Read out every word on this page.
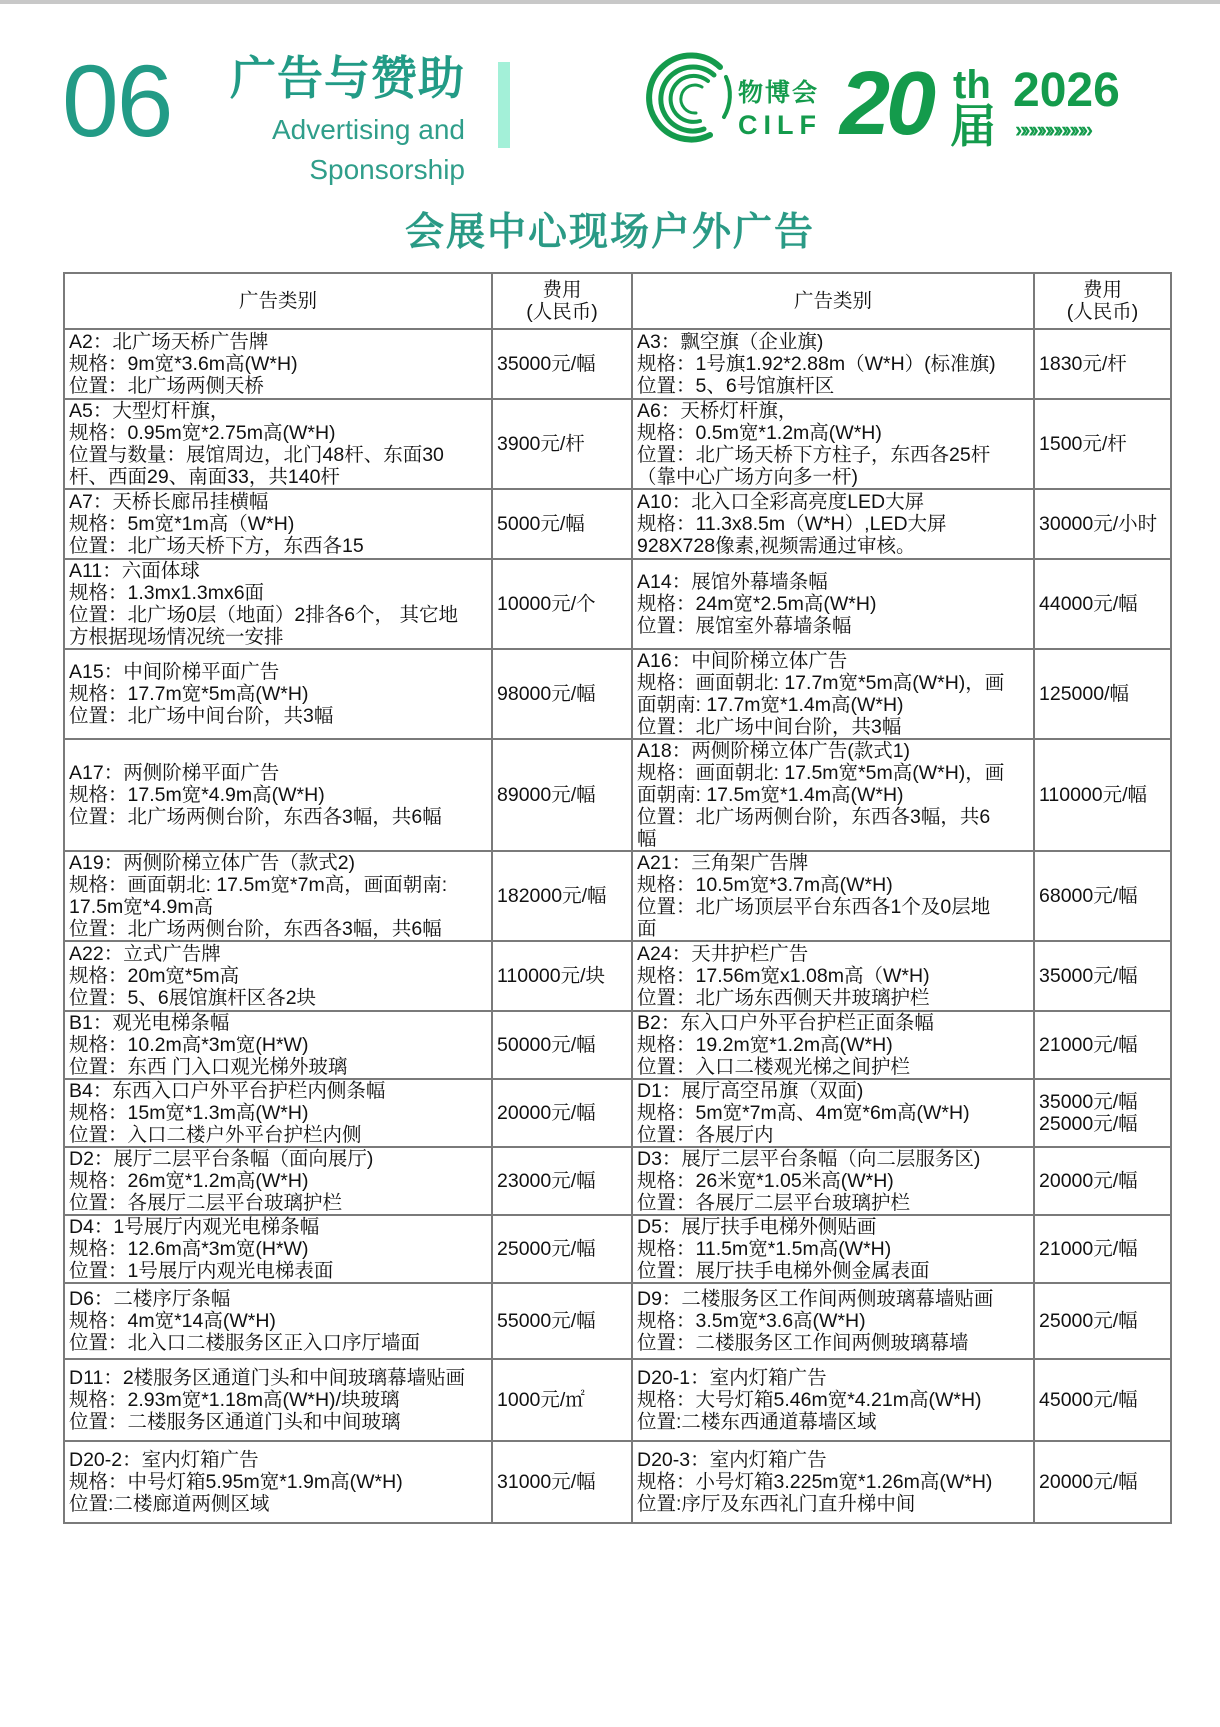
06 广告与赞助
Advertising and
Sponsorship
物博会
CILF 20 th
届
2026
»»»»»»»»»
会展中心现场户外广告
广告类别	费用
(人民币)	广告类别	费用
(人民币)

A2：北广场天桥广告牌
规格：9m宽*3.6m高(W*H)
位置：北广场两侧天桥	35000元/幅	A3：飘空旗（企业旗)
规格：1号旗1.92*2.88m（W*H）(标准旗)
位置：5、6号馆旗杆区	1830元/杆

A5：大型灯杆旗，
规格：0.95m宽*2.75m高(W*H)
位置与数量：展馆周边，北门48杆、东面30
杆、西面29、南面33，共140杆	3900元/杆	A6：天桥灯杆旗，
规格：0.5m宽*1.2m高(W*H)
位置：北广场天桥下方柱子，东西各25杆
（靠中心广场方向多一杆)	1500元/杆

A7：天桥长廊吊挂横幅
规格：5m宽*1m高（W*H)
位置：北广场天桥下方，东西各15	5000元/幅	A10：北入口全彩高亮度LED大屏
规格：11.3x8.5m（W*H）,LED大屏
928X728像素,视频需通过审核。	30000元/小时

A11：六面体球
规格：1.3mx1.3mx6面
位置：北广场0层（地面）2排各6个， 其它地
方根据现场情况统一安排	10000元/个	A14：展馆外幕墙条幅
规格：24m宽*2.5m高(W*H)
位置：展馆室外幕墙条幅	44000元/幅

A15：中间阶梯平面广告
规格：17.7m宽*5m高(W*H)
位置：北广场中间台阶，共3幅	98000元/幅	A16：中间阶梯立体广告
规格：画面朝北: 17.7m宽*5m高(W*H)，画
面朝南: 17.7m宽*1.4m高(W*H)
位置：北广场中间台阶，共3幅	125000/幅

A17：两侧阶梯平面广告
规格：17.5m宽*4.9m高(W*H)
位置：北广场两侧台阶，东西各3幅，共6幅	89000元/幅	A18：两侧阶梯立体广告(款式1)
规格：画面朝北: 17.5m宽*5m高(W*H)，画
面朝南: 17.5m宽*1.4m高(W*H)
位置：北广场两侧台阶，东西各3幅，共6
幅	110000元/幅

A19：两侧阶梯立体广告（款式2)
规格：画面朝北: 17.5m宽*7m高，画面朝南:
17.5m宽*4.9m高
位置：北广场两侧台阶，东西各3幅，共6幅	182000元/幅	A21：三角架广告牌
规格：10.5m宽*3.7m高(W*H)
位置：北广场顶层平台东西各1个及0层地
面	68000元/幅

A22：立式广告牌
规格：20m宽*5m高
位置：5、6展馆旗杆区各2块	110000元/块	A24：天井护栏广告
规格：17.56m宽x1.08m高（W*H)
位置：北广场东西侧天井玻璃护栏	35000元/幅

B1：观光电梯条幅
规格：10.2m高*3m宽(H*W)
位置：东西 门入口观光梯外玻璃	50000元/幅	B2：东入口户外平台护栏正面条幅
规格：19.2m宽*1.2m高(W*H)
位置：入口二楼观光梯之间护栏	21000元/幅

B4：东西入口户外平台护栏内侧条幅
规格：15m宽*1.3m高(W*H)
位置：入口二楼户外平台护栏内侧	20000元/幅	D1：展厅高空吊旗（双面)
规格：5m宽*7m高、4m宽*6m高(W*H)
位置：各展厅内	35000元/幅
25000元/幅

D2：展厅二层平台条幅（面向展厅)
规格：26m宽*1.2m高(W*H)
位置：各展厅二层平台玻璃护栏	23000元/幅	D3：展厅二层平台条幅（向二层服务区)
规格：26米宽*1.05米高(W*H)
位置：各展厅二层平台玻璃护栏	20000元/幅

D4：1号展厅内观光电梯条幅
规格：12.6m高*3m宽(H*W)
位置：1号展厅内观光电梯表面	25000元/幅	D5：展厅扶手电梯外侧贴画
规格：11.5m宽*1.5m高(W*H)
位置：展厅扶手电梯外侧金属表面	21000元/幅

D6：二楼序厅条幅
规格：4m宽*14高(W*H)
位置：北入口二楼服务区正入口序厅墙面	55000元/幅	D9：二楼服务区工作间两侧玻璃幕墙贴画
规格：3.5m宽*3.6高(W*H)
位置：二楼服务区工作间两侧玻璃幕墙	25000元/幅

D11：2楼服务区通道门头和中间玻璃幕墙贴画
规格：2.93m宽*1.18m高(W*H)/块玻璃
位置：二楼服务区通道门头和中间玻璃	1000元/㎡	D20-1：室内灯箱广告
规格：大号灯箱5.46m宽*4.21m高(W*H)
位置:二楼东西通道幕墙区域	45000元/幅

D20-2：室内灯箱广告
规格：中号灯箱5.95m宽*1.9m高(W*H)
位置:二楼廊道两侧区域	31000元/幅	D20-3：室内灯箱广告
规格：小号灯箱3.225m宽*1.26m高(W*H)
位置:序厅及东西礼门直升梯中间	20000元/幅
